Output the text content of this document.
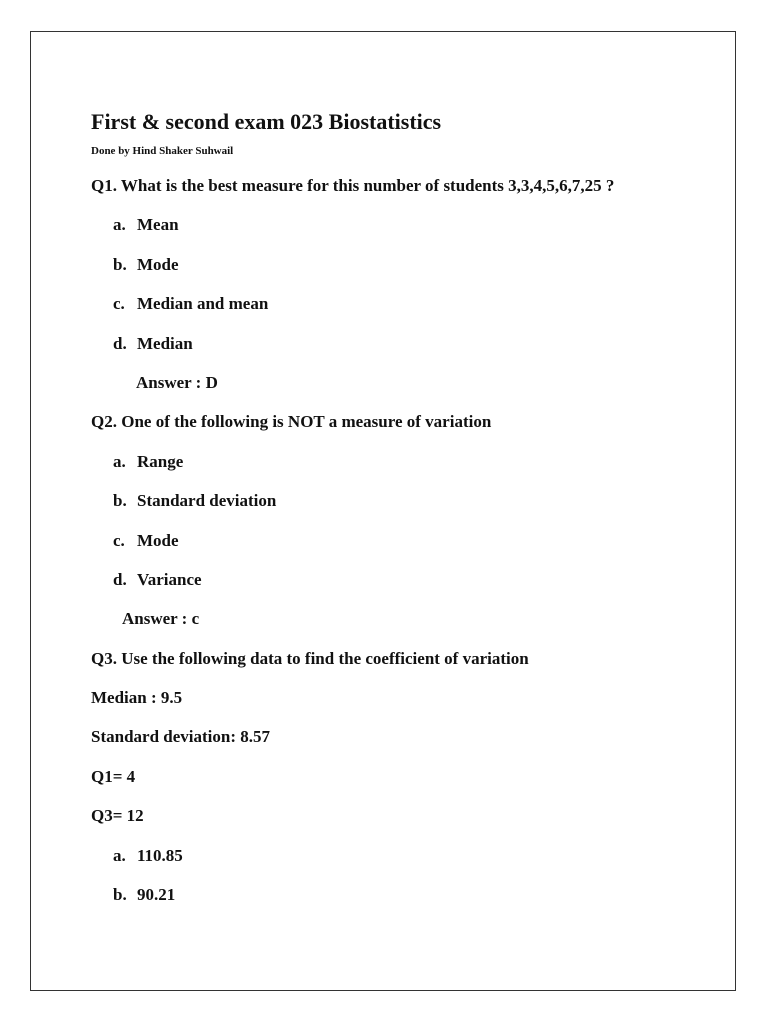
First & second exam 023 Biostatistics
Done by Hind Shaker Suhwail
Q1. What is the best measure for this number of students 3,3,4,5,6,7,25 ?
a. Mean
b. Mode
c. Median and mean
d. Median
Answer : D
Q2. One of the following is NOT a measure of variation
a. Range
b. Standard deviation
c. Mode
d. Variance
Answer : c
Q3. Use the following data to find the coefficient of variation
Median : 9.5
Standard deviation: 8.57
Q1= 4
Q3= 12
a. 110.85
b. 90.21
